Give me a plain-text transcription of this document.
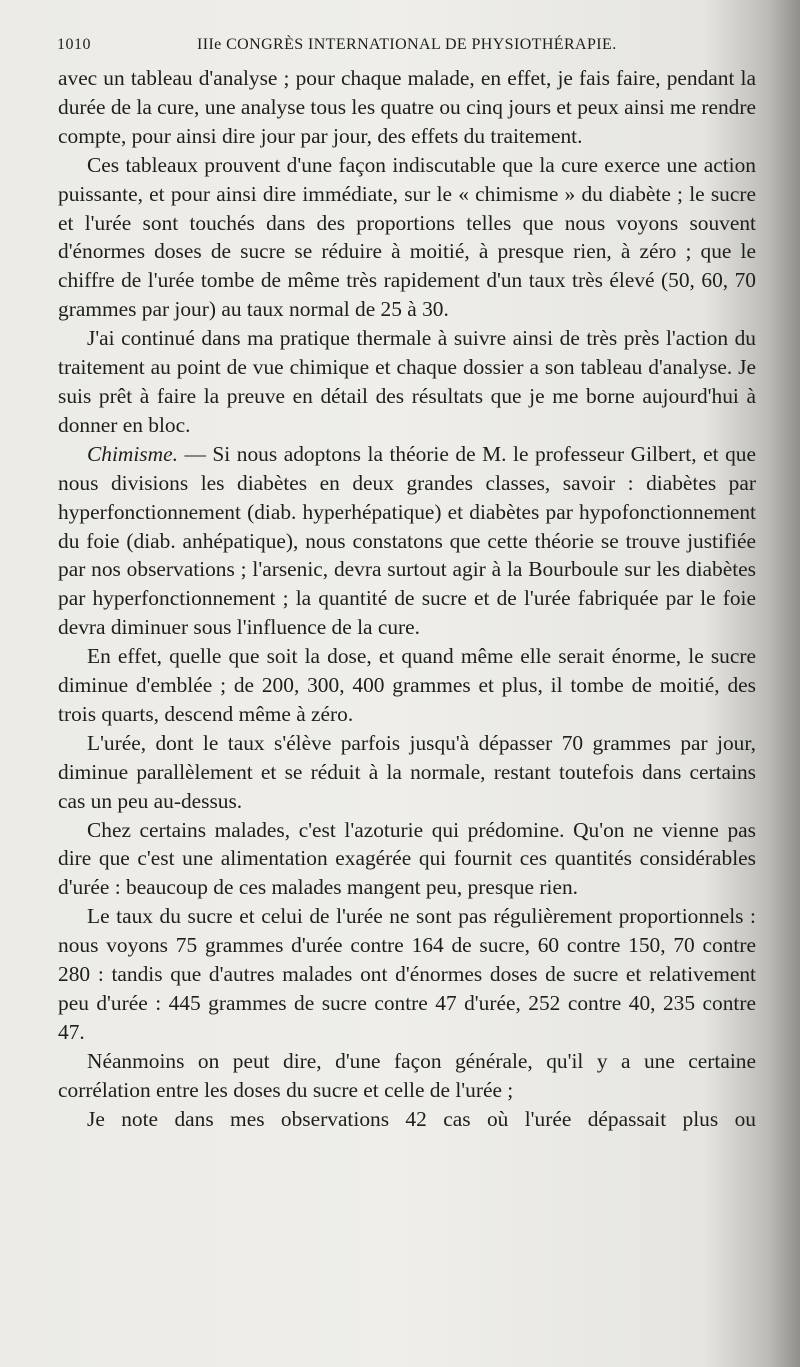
1010	IIIe CONGRÈS INTERNATIONAL DE PHYSIOTHÉRAPIE.

avec un tableau d'analyse ; pour chaque malade, en effet, je fais faire, pendant la durée de la cure, une analyse tous les quatre ou cinq jours et peux ainsi me rendre compte, pour ainsi dire jour par jour, des effets du traitement.

Ces tableaux prouvent d'une façon indiscutable que la cure exerce une action puissante, et pour ainsi dire immédiate, sur le « chimisme » du diabète ; le sucre et l'urée sont touchés dans des proportions telles que nous voyons souvent d'énormes doses de sucre se réduire à moitié, à presque rien, à zéro ; que le chiffre de l'urée tombe de même très rapidement d'un taux très élevé (50, 60, 70 grammes par jour) au taux normal de 25 à 30.

J'ai continué dans ma pratique thermale à suivre ainsi de très près l'action du traitement au point de vue chimique et chaque dossier a son tableau d'analyse. Je suis prêt à faire la preuve en détail des résultats que je me borne aujourd'hui à donner en bloc.

Chimisme. — Si nous adoptons la théorie de M. le professeur Gilbert, et que nous divisions les diabètes en deux grandes classes, savoir : diabètes par hyperfonctionnement (diab. hyperhépatique) et diabètes par hypofonctionnement du foie (diab. anhépatique), nous constatons que cette théorie se trouve justifiée par nos observations ; l'arsenic, devra surtout agir à la Bourboule sur les diabètes par hyperfonctionnement ; la quantité de sucre et de l'urée fabriquée par le foie devra diminuer sous l'influence de la cure.

En effet, quelle que soit la dose, et quand même elle serait énorme, le sucre diminue d'emblée ; de 200, 300, 400 grammes et plus, il tombe de moitié, des trois quarts, descend même à zéro.

L'urée, dont le taux s'élève parfois jusqu'à dépasser 70 grammes par jour, diminue parallèlement et se réduit à la normale, restant toutefois dans certains cas un peu au-dessus.

Chez certains malades, c'est l'azoturie qui prédomine. Qu'on ne vienne pas dire que c'est une alimentation exagérée qui fournit ces quantités considérables d'urée : beaucoup de ces malades mangent peu, presque rien.

Le taux du sucre et celui de l'urée ne sont pas régulièrement proportionnels : nous voyons 75 grammes d'urée contre 164 de sucre, 60 contre 150, 70 contre 280 : tandis que d'autres malades ont d'énormes doses de sucre et relativement peu d'urée : 445 grammes de sucre contre 47 d'urée, 252 contre 40, 235 contre 47.

Néanmoins on peut dire, d'une façon générale, qu'il y a une certaine corrélation entre les doses du sucre et celle de l'urée ;

Je note dans mes observations 42 cas où l'urée dépassait plus ou
